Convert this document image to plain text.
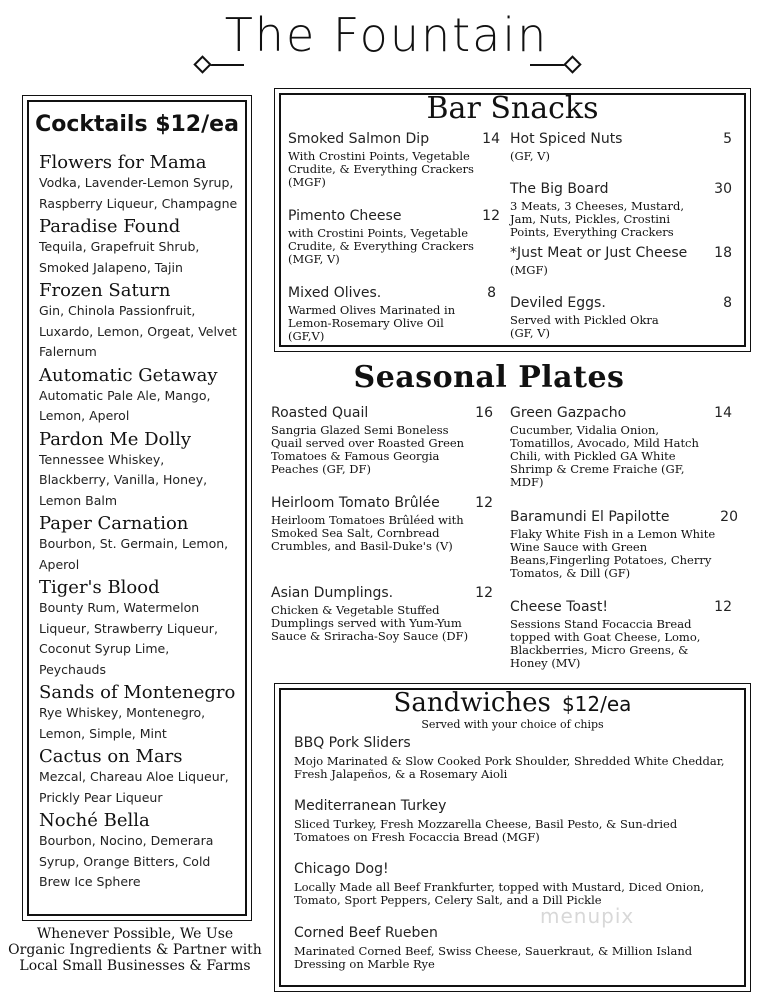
The Fountain
Cocktails $12/ea
Flowers for Mama
Vodka, Lavender-Lemon Syrup, Raspberry Liqueur, Champagne
Paradise Found
Tequila, Grapefruit Shrub, Smoked Jalapeno, Tajin
Frozen Saturn
Gin, Chinola Passionfruit, Luxardo, Lemon, Orgeat, Velvet Falernum
Automatic Getaway
Automatic Pale Ale, Mango, Lemon, Aperol
Pardon Me Dolly
Tennessee Whiskey, Blackberry, Vanilla, Honey, Lemon Balm
Paper Carnation
Bourbon, St. Germain, Lemon, Aperol
Tiger's Blood
Bounty Rum, Watermelon Liqueur, Strawberry Liqueur, Coconut Syrup Lime, Peychauds
Sands of Montenegro
Rye Whiskey, Montenegro, Lemon, Simple, Mint
Cactus on Mars
Mezcal, Chareau Aloe Liqueur, Prickly Pear Liqueur
Noché Bella
Bourbon, Nocino, Demerara Syrup, Orange Bitters, Cold Brew Ice Sphere
Whenever Possible, We Use
Organic Ingredients & Partner with
Local Small Businesses & Farms
Bar Snacks
Smoked Salmon Dip	14
With Crostini Points, Vegetable Crudite, & Everything Crackers (MGF)
Pimento Cheese	12
with Crostini Points, Vegetable Crudite, & Everything Crackers (MGF, V)
Mixed Olives.	8
Warmed Olives Marinated in Lemon-Rosemary Olive Oil (GF,V)
Hot Spiced Nuts	5
(GF, V)
The Big Board	30
3 Meats, 3 Cheeses, Mustard, Jam, Nuts, Pickles, Crostini Points, Everything Crackers
*Just Meat or Just Cheese 18
(MGF)
Deviled Eggs.	8
Served with Pickled Okra (GF, V)
Seasonal Plates
Roasted Quail	16
Sangria Glazed Semi Boneless Quail served over Roasted Green Tomatoes & Famous Georgia Peaches (GF, DF)
Heirloom Tomato Brûlée	12
Heirloom Tomatoes Brûléed with Smoked Sea Salt, Cornbread Crumbles, and Basil-Duke's (V)
Asian Dumplings.	12
Chicken & Vegetable Stuffed Dumplings served with Yum-Yum Sauce & Sriracha-Soy Sauce (DF)
Green Gazpacho	14
Cucumber, Vidalia Onion, Tomatillos, Avocado, Mild Hatch Chili, with Pickled GA White Shrimp & Creme Fraiche (GF, MDF)
Baramundi El Papilotte	20
Flaky White Fish in a Lemon White Wine Sauce with Green Beans,Fingerling Potatoes, Cherry Tomatos, & Dill (GF)
Cheese Toast!	12
Sessions Stand Focaccia Bread topped with Goat Cheese, Lomo, Blackberries, Micro Greens, & Honey (MV)
Sandwiches $12/ea
Served with your choice of chips
BBQ Pork Sliders
Mojo Marinated & Slow Cooked Pork Shoulder, Shredded White Cheddar, Fresh Jalapeños, & a Rosemary Aioli
Mediterranean Turkey
Sliced Turkey, Fresh Mozzarella Cheese, Basil Pesto, & Sun-dried Tomatoes on Fresh Focaccia Bread (MGF)
Chicago Dog!
Locally Made all Beef Frankfurter, topped with Mustard, Diced Onion, Tomato, Sport Peppers, Celery Salt, and a Dill Pickle
Corned Beef Rueben
Marinated Corned Beef, Swiss Cheese, Sauerkraut, & Million Island Dressing on Marble Rye
menupix
